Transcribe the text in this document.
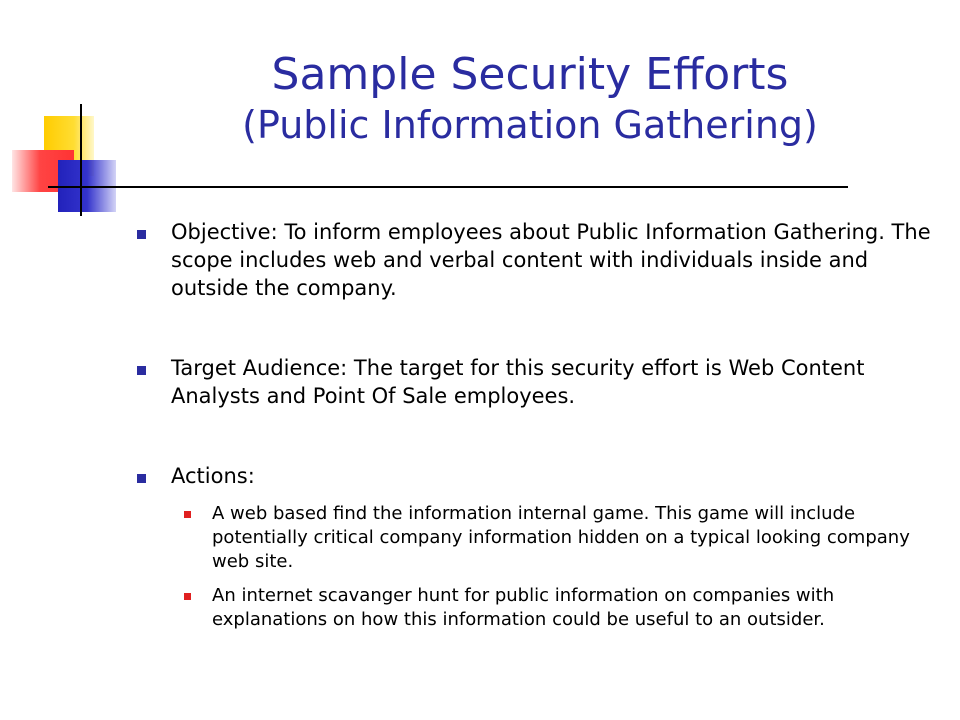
Sample Security Efforts
(Public Information Gathering)
Objective: To inform employees about Public Information Gathering. The scope includes web and verbal content with individuals inside and outside the company.
Target Audience: The target for this security effort is Web Content Analysts and Point Of Sale employees.
Actions:
A web based find the information internal game. This game will include potentially critical company information hidden on a typical looking company web site.
An internet scavanger hunt for public information on companies with explanations on how this information could be useful to an outsider.
